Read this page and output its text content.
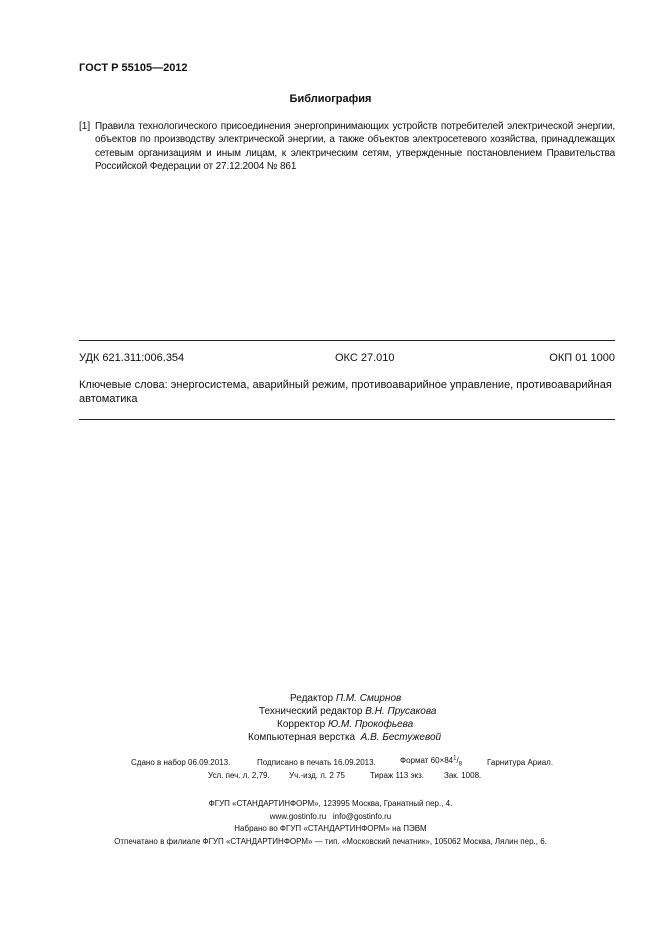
ГОСТ Р 55105—2012
Библиография
[1] Правила технологического присоединения энергопринимающих устройств потребителей электрической энергии, объектов по производству электрической энергии, а также объектов электросетевого хозяйства, принадлежащих сетевым организациям и иным лицам, к электрическим сетям, утвержденные постановлением Правительства Российской Федерации от 27.12.2004 № 861
УДК 621.311:006.354	ОКС 27.010	ОКП 01 1000
Ключевые слова: энергосистема, аварийный режим, противоаварийное управление, противоаварийная автоматика
Редактор П.М. Смирнов
Технический редактор В.Н. Прусакова
Корректор Ю.М. Прокофьева
Компьютерная верстка А.В. Бестужевой
Сдано в набор 06.09.2013.	Подписано в печать 16.09.2013.	Формат $60\times 84^1/_8$	Гарнитура Ариал.
Усл. печ. л. 2,79. Уч.-изд. л. 2 75	Тираж 113 экз. Зак. 1008.
ФГУП «СТАНДАРТИНФОРМ», 123995 Москва, Гранатный пер., 4.
www.gostinfo.ru info@gostinfo.ru
Набрано во ФГУП «СТАНДАРТИНФОРМ» на ПЭВМ
Отпечатано в филиале ФГУП «СТАНДАРТИНФОРМ» — тип. «Московский печатник», 105062 Москва, Лялин пер., 6.
